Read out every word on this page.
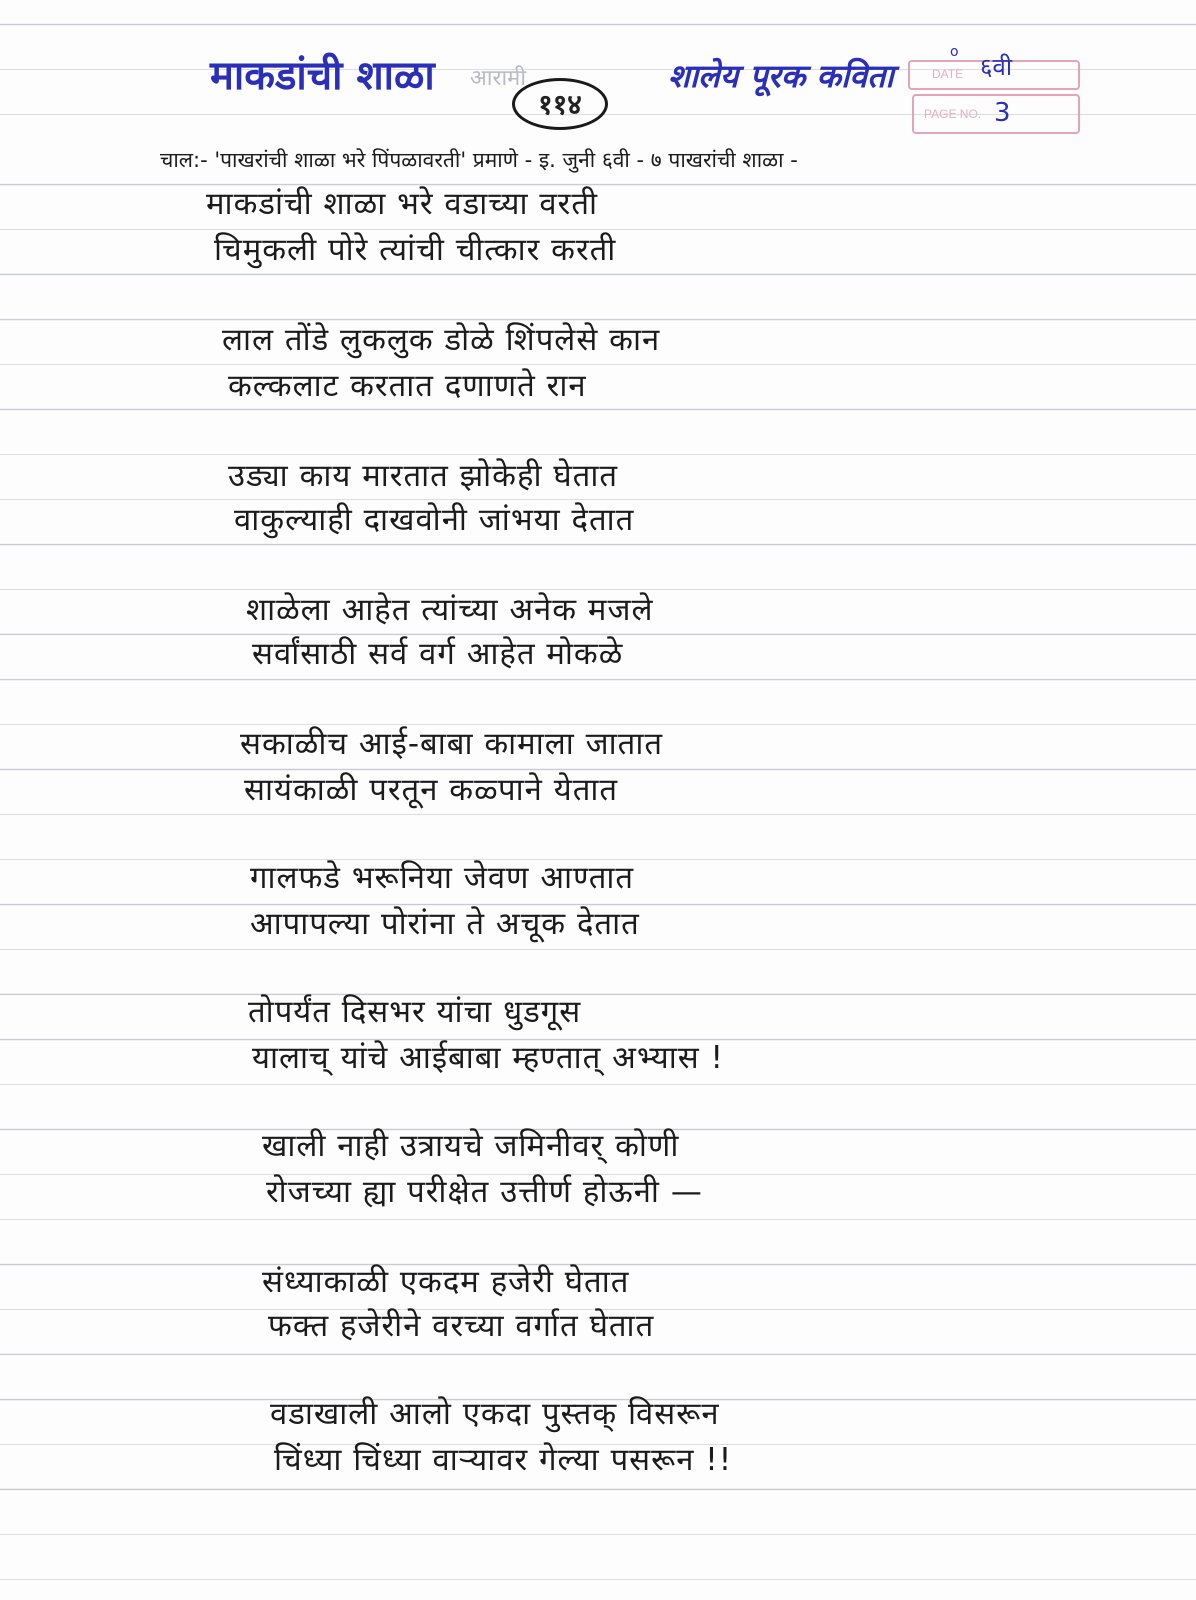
माकडांची शाळा आरामी
११४
शालेय पूरक कविता
o
DATE ६वी
PAGE NO. 3
चाल:- 'पाखरांची शाळा भरे पिंपळावरती' प्रमाणे - इ. जुनी ६वी - ७ पाखरांची शाळा -
माकडांची शाळा भरे वडाच्या वरती
चिमुकली पोरे त्यांची चीत्कार करती
लाल तोंडे लुकलुक डोळे शिंपलेसे कान
कल्कलाट करतात दणाणते रान
उड्या काय मारतात झोकेही घेतात
वाकुल्याही दाखवोनी जांभया देतात
शाळेला आहेत त्यांच्या अनेक मजले
सर्वांसाठी सर्व वर्ग आहेत मोकळे
सकाळीच आई-बाबा कामाला जातात
सायंकाळी परतून कळ्पाने येतात
गालफडे भरूनिया जेवण आण्तात
आपापल्या पोरांना ते अचूक देतात
तोपर्यंत दिसभर यांचा धुडगूस
यालाच् यांचे आईबाबा म्हण्तात् अभ्यास !
खाली नाही उत्रायचे जमिनीवर् कोणी
रोजच्या ह्या परीक्षेत उत्तीर्ण होऊनी —
संध्याकाळी एकदम हजेरी घेतात
फक्त हजेरीने वरच्या वर्गात घेतात
वडाखाली आलो एकदा पुस्तक् विसरून
चिंध्या चिंध्या वाऱ्यावर गेल्या पसरून !!
